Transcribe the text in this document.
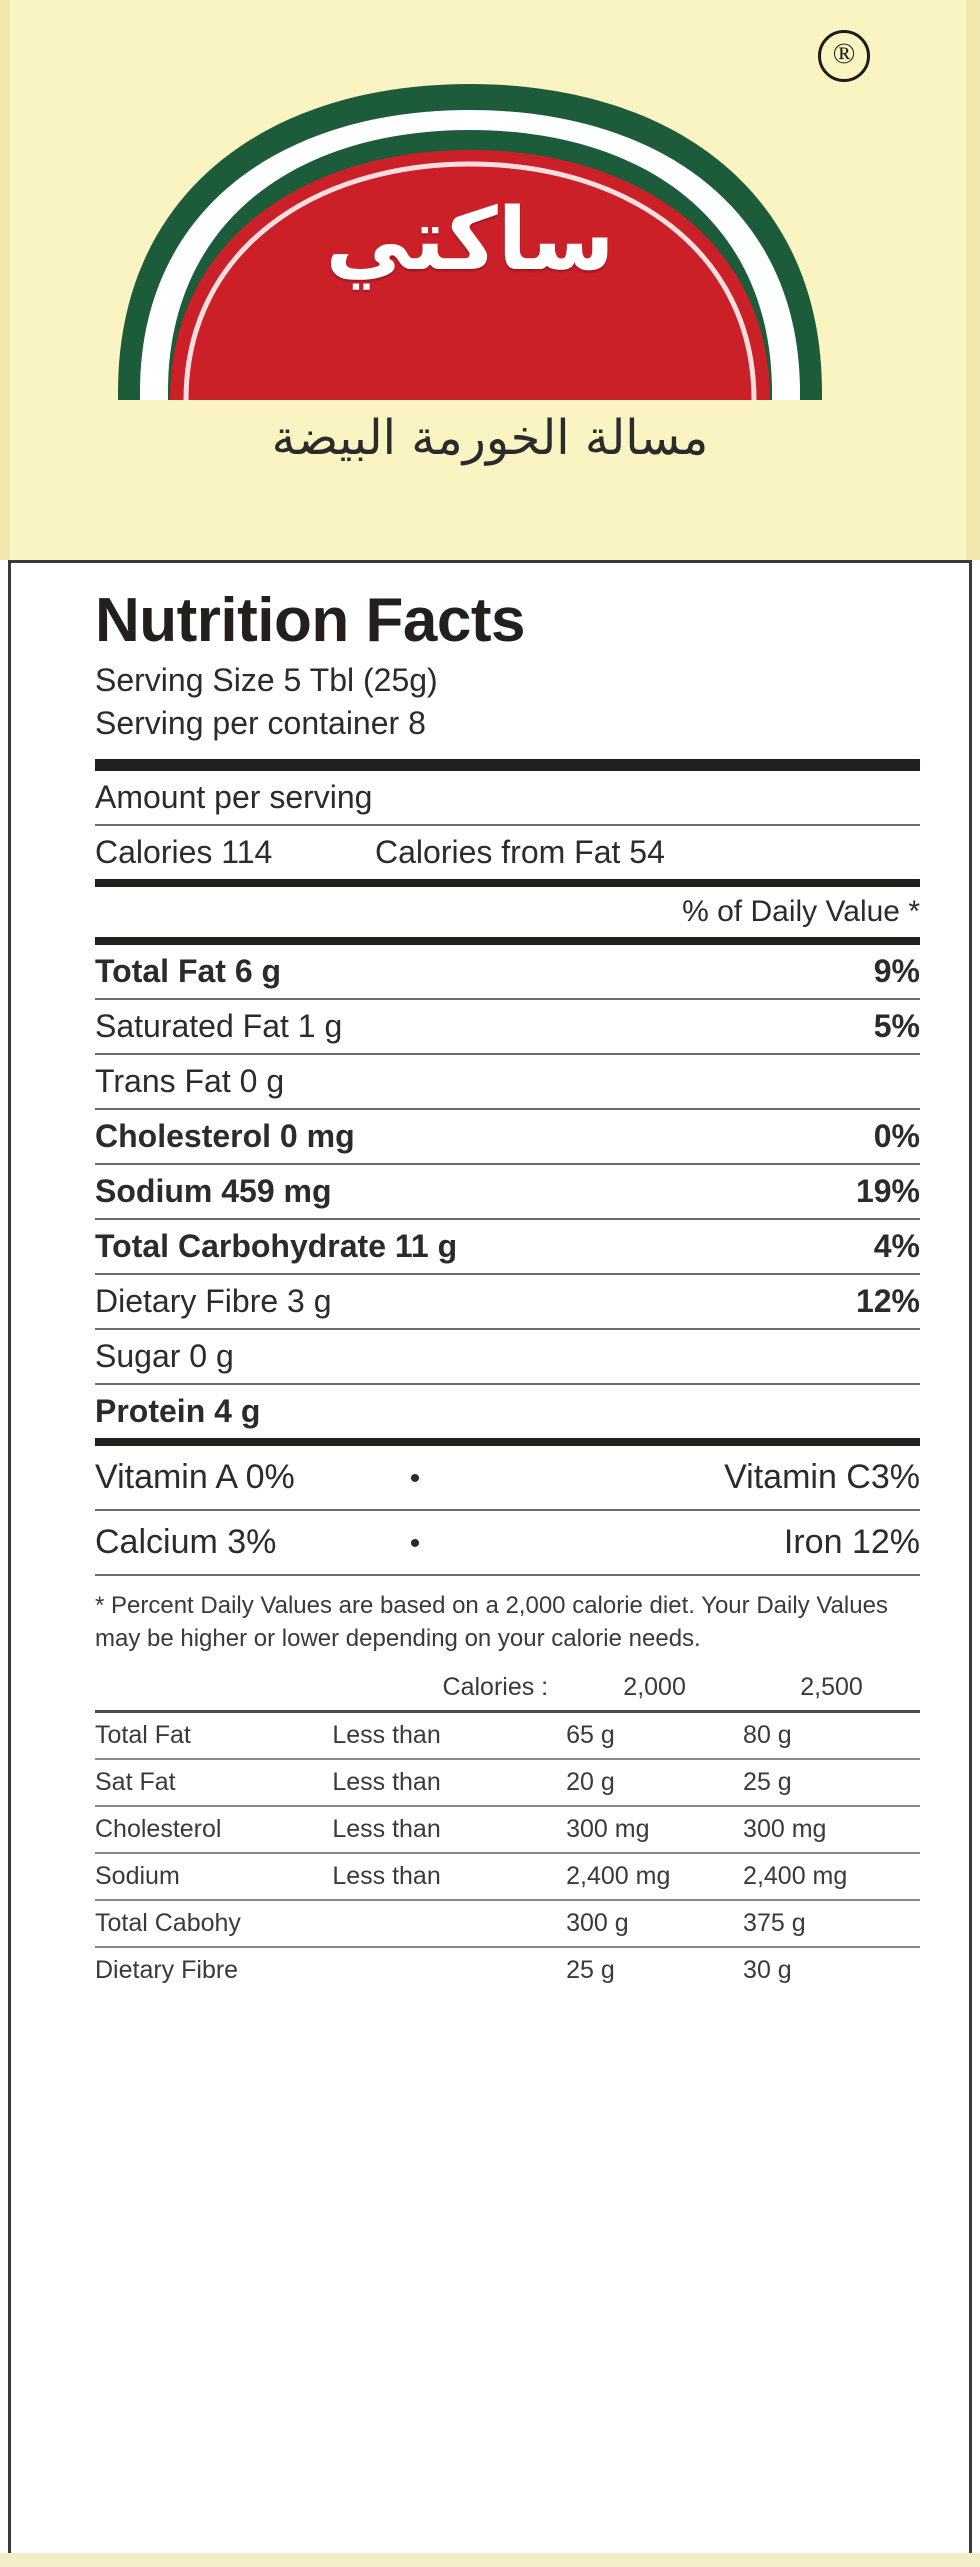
®
ساكتي
مسالة الخورمة البيضة
Nutrition Facts
Serving Size 5 Tbl (25g)
Serving per container 8
Amount per serving
Calories 114	Calories from Fat 54
% of Daily Value *
Total Fat 6 g	9%
Saturated Fat 1 g	5%
Trans Fat 0 g
Cholesterol 0 mg	0%
Sodium 459 mg	19%
Total Carbohydrate 11 g	4%
Dietary Fibre 3 g	12%
Sugar 0 g
Protein 4 g
Vitamin A 0%	•	Vitamin C3%
Calcium 3%	•	Iron 12%
* Percent Daily Values are based on a 2,000 calorie diet. Your Daily Values may be higher or lower depending on your calorie needs.
	Calories :	2,000	2,500
Total Fat	Less than	65 g	80 g
Sat Fat	Less than	20 g	25 g
Cholesterol	Less than	300 mg	300 mg
Sodium	Less than	2,400 mg	2,400 mg
Total Cabohy		300 g	375 g
Dietary Fibre		25 g	30 g
